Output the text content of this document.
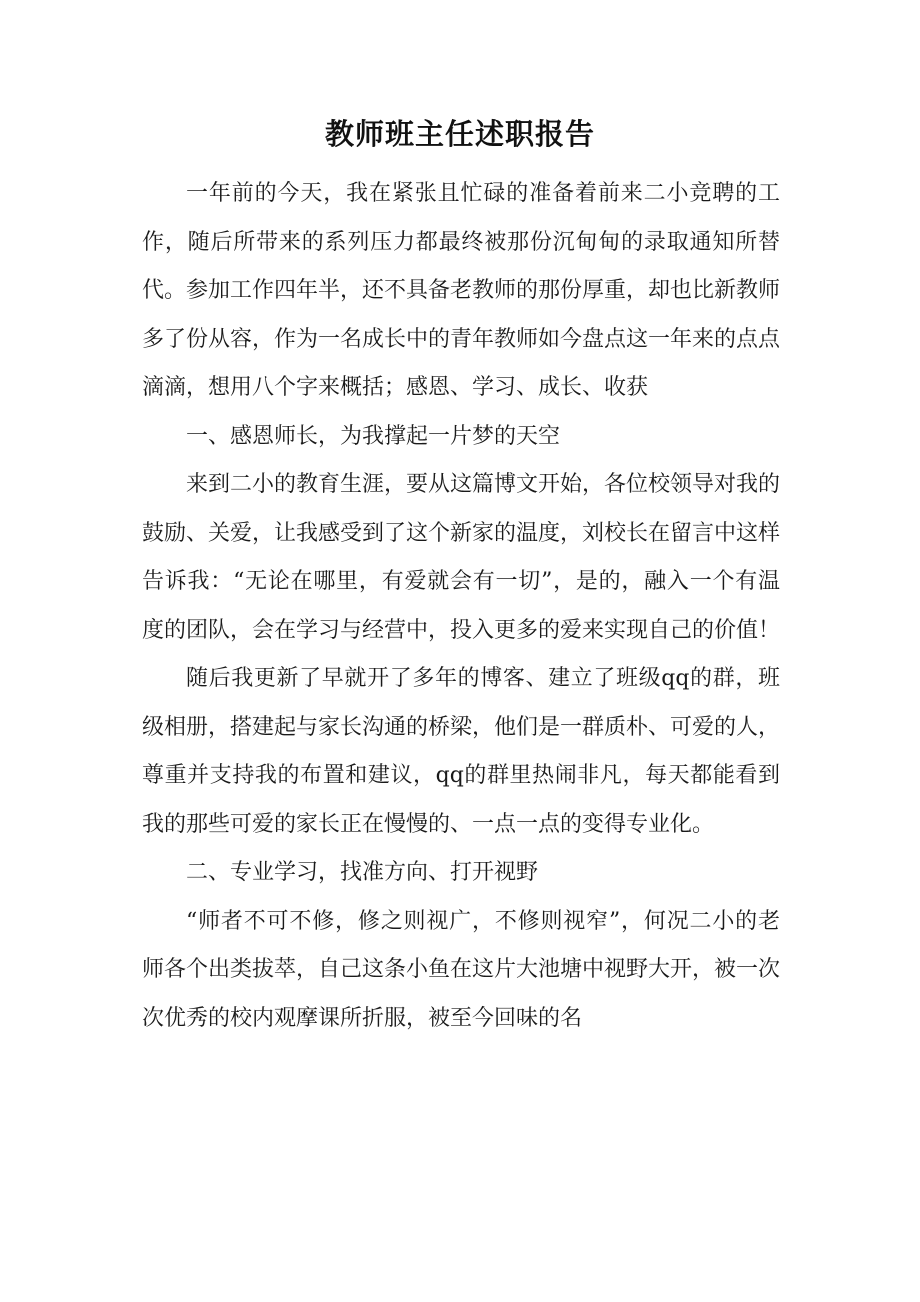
教师班主任述职报告

一年前的今天，我在紧张且忙碌的准备着前来二小竞聘的工作，随后所带来的系列压力都最终被那份沉甸甸的录取通知所替代。参加工作四年半，还不具备老教师的那份厚重，却也比新教师多了份从容，作为一名成长中的青年教师如今盘点这一年来的点点滴滴，想用八个字来概括；感恩、学习、成长、收获

一、感恩师长，为我撑起一片梦的天空

来到二小的教育生涯，要从这篇博文开始，各位校领导对我的鼓励、关爱，让我感受到了这个新家的温度，刘校长在留言中这样告诉我：“无论在哪里，有爱就会有一切”，是的，融入一个有温度的团队，会在学习与经营中，投入更多的爱来实现自己的价值！

随后我更新了早就开了多年的博客、建立了班级qq的群，班级相册，搭建起与家长沟通的桥梁，他们是一群质朴、可爱的人，尊重并支持我的布置和建议，qq的群里热闹非凡，每天都能看到我的那些可爱的家长正在慢慢的、一点一点的变得专业化。

二、专业学习，找准方向、打开视野

“师者不可不修，修之则视广，不修则视窄”，何况二小的老师各个出类拔萃，自己这条小鱼在这片大池塘中视野大开，被一次次优秀的校内观摩课所折服，被至今回味的名
